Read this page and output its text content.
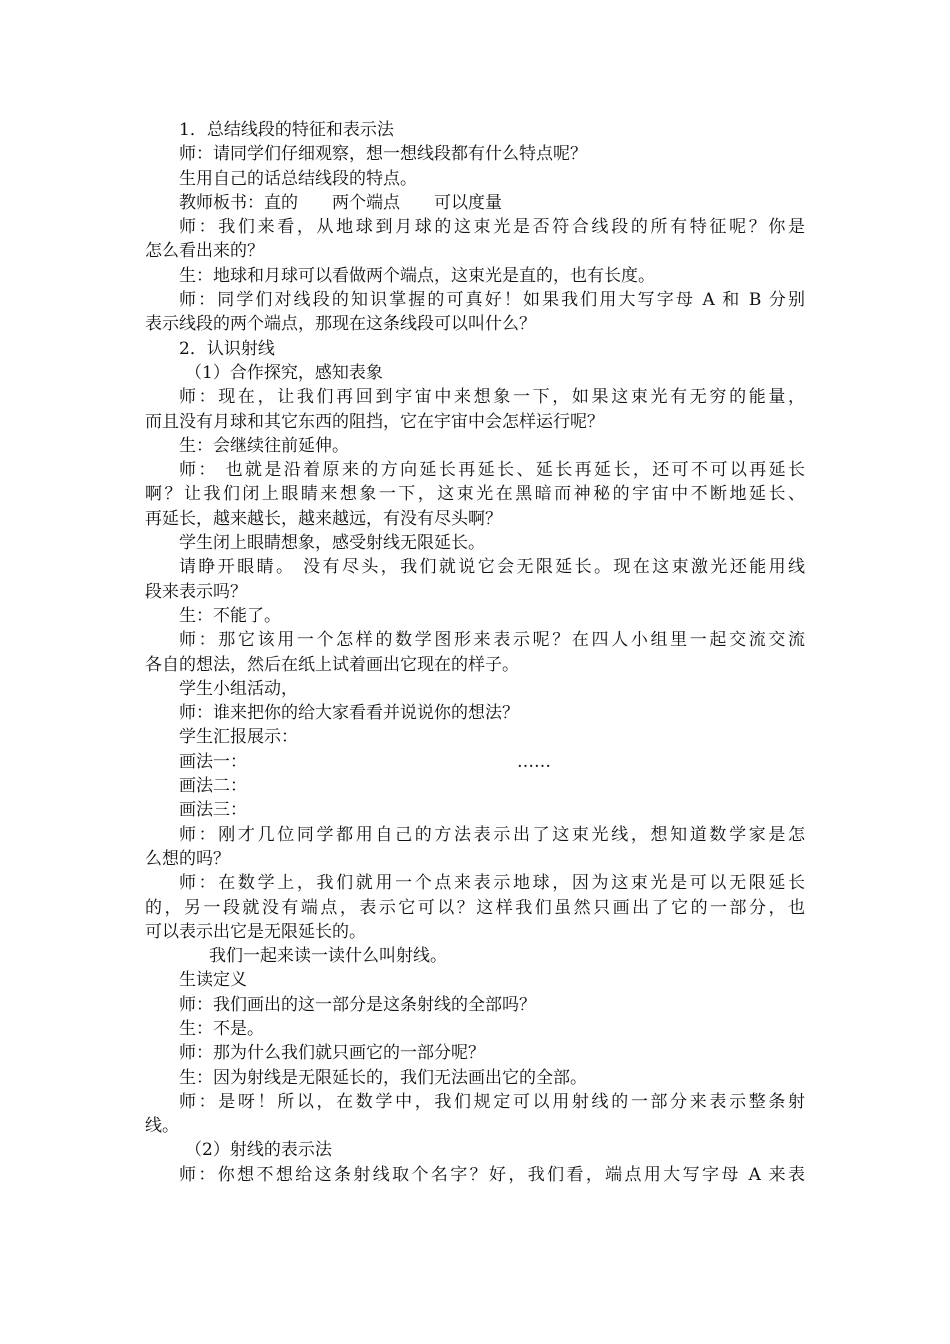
1．总结线段的特征和表示法
师：请同学们仔细观察，想一想线段都有什么特点呢？
生用自己的话总结线段的特点。
教师板书：直的　　两个端点　　可以度量
师：我们来看，从地球到月球的这束光是否符合线段的所有特征呢？你是
怎么看出来的？
生：地球和月球可以看做两个端点，这束光是直的，也有长度。
师：同学们对线段的知识掌握的可真好！如果我们用大写字母 A 和 B 分别
表示线段的两个端点，那现在这条线段可以叫什么？
2．认识射线
（1）合作探究，感知表象
师：现在，让我们再回到宇宙中来想象一下，如果这束光有无穷的能量，
而且没有月球和其它东西的阻挡，它在宇宙中会怎样运行呢？
生：会继续往前延伸。
师： 也就是沿着原来的方向延长再延长、延长再延长，还可不可以再延长
啊？让我们闭上眼睛来想象一下，这束光在黑暗而神秘的宇宙中不断地延长、
再延长，越来越长，越来越远，有没有尽头啊？
学生闭上眼睛想象，感受射线无限延长。
请睁开眼睛。 没有尽头，我们就说它会无限延长。现在这束激光还能用线
段来表示吗？
生：不能了。
师：那它该用一个怎样的数学图形来表示呢？在四人小组里一起交流交流
各自的想法，然后在纸上试着画出它现在的样子。
学生小组活动，
师：谁来把你的给大家看看并说说你的想法？
学生汇报展示：
画法一：	……
画法二：
画法三：
师：刚才几位同学都用自己的方法表示出了这束光线，想知道数学家是怎
么想的吗？
师：在数学上，我们就用一个点来表示地球，因为这束光是可以无限延长
的，另一段就没有端点，表示它可以？这样我们虽然只画出了它的一部分，也
可以表示出它是无限延长的。
我们一起来读一读什么叫射线。
生读定义
师：我们画出的这一部分是这条射线的全部吗？
生：不是。
师：那为什么我们就只画它的一部分呢？
生：因为射线是无限延长的，我们无法画出它的全部。
师：是呀！所以，在数学中，我们规定可以用射线的一部分来表示整条射
线。
（2）射线的表示法
师：你想不想给这条射线取个名字？好，我们看，端点用大写字母 A 来表
